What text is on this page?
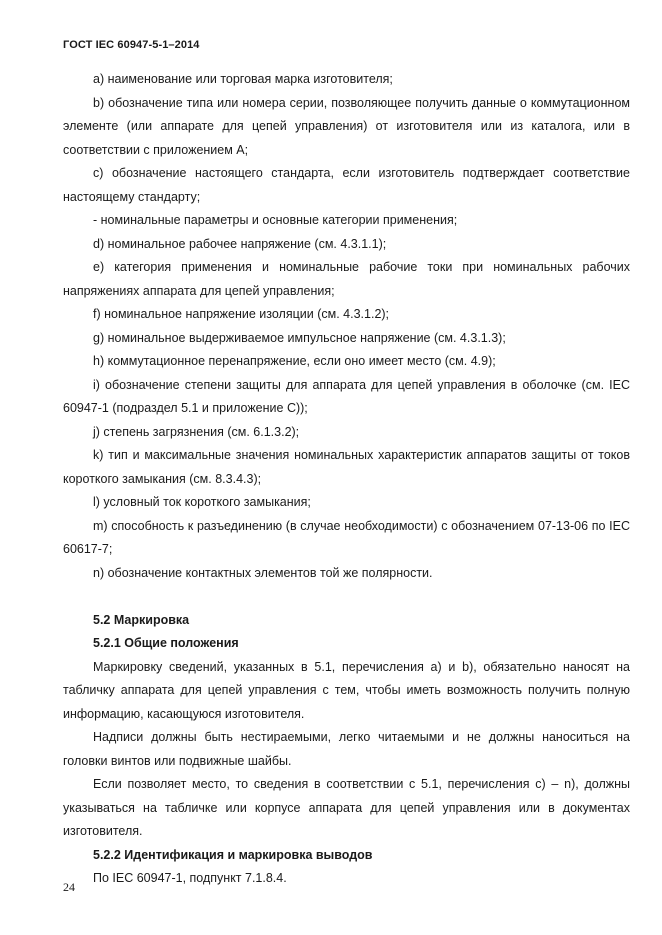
ГОСТ IEC 60947-5-1–2014

a) наименование или торговая марка изготовителя;

b) обозначение типа или номера серии, позволяющее получить данные о коммутационном элементе (или аппарате для цепей управления) от изготовителя или из каталога, или в соответствии с приложением А;

c) обозначение настоящего стандарта, если изготовитель подтверждает соответствие настоящему стандарту;

- номинальные параметры и основные категории применения;

d) номинальное рабочее напряжение (см. 4.3.1.1);

e) категория применения и номинальные рабочие токи при номинальных рабочих напряжениях аппарата для цепей управления;

f) номинальное напряжение изоляции (см. 4.3.1.2);

g) номинальное выдерживаемое импульсное напряжение (см. 4.3.1.3);

h) коммутационное перенапряжение, если оно имеет место (см. 4.9);

i) обозначение степени защиты для аппарата для цепей управления в оболочке (см. IEC 60947-1 (подраздел 5.1 и приложение С));

j) степень загрязнения (см. 6.1.3.2);

k) тип и максимальные значения номинальных характеристик аппаратов защиты от токов короткого замыкания (см. 8.3.4.3);

l) условный ток короткого замыкания;

m) способность к разъединению (в случае необходимости) с обозначением 07-13-06 по IEC 60617-7;

n) обозначение контактных элементов той же полярности.

5.2 Маркировка

5.2.1 Общие положения

Маркировку сведений, указанных в 5.1, перечисления a) и b), обязательно наносят на табличку аппарата для цепей управления с тем, чтобы иметь возможность получить полную информацию, касающуюся изготовителя.

Надписи должны быть нестираемыми, легко читаемыми и не должны наноситься на головки винтов или подвижные шайбы.

Если позволяет место, то сведения в соответствии с 5.1, перечисления c) – n), должны указываться на табличке или корпусе аппарата для цепей управления или в документах изготовителя.

5.2.2 Идентификация и маркировка выводов

По IEC 60947-1, подпункт 7.1.8.4.

24
